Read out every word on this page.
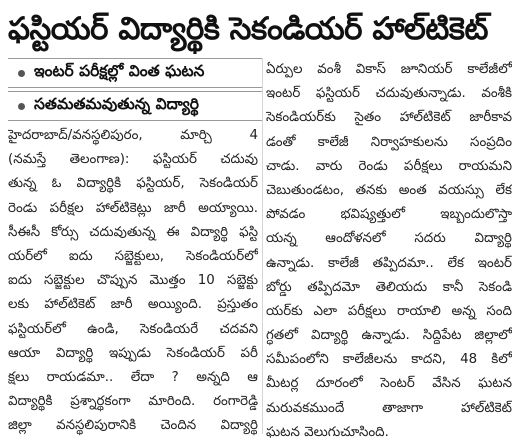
ఫస్టియర్ విద్యార్థికి సెకండియర్ హాల్‌టికెట్
ఇంటర్ పరీక్షల్లో వింత ఘటన
సతమతమవుతున్న విద్యార్థి
హైదరాబాద్/వనస్థలిపురం, మార్చి 4
(నమస్తే తెలంగాణ): ఫస్టియర్ చదువు
తున్న ఓ విద్యార్థికి ఫస్టియర్, సెకండియర్
రెండు పరీక్షల హాల్‌టికెట్లు జారీ అయ్యాయి.
సీఈసీ కోర్సు చదువుతున్న ఈ విద్యార్థి ఫస్టి
యర్‌లో ఐదు సబ్జెక్టులు, సెకండియర్‌లో
ఐదు సబ్జెక్టుల చొప్పున మొత్తం 10 సబ్జెక్టు
లకు హాల్‌టికెట్ జారీ అయ్యింది. ప్రస్తుతం
ఫస్టియర్‌లో ఉండి, సెకండియరే చదవని
ఆయా విద్యార్థి ఇప్పుడు సెకండియర్ పరీ
క్షలు రాయడమా.. లేదా ? అన్నది ఆ
విద్యార్థికి ప్రశ్నార్థకంగా మారింది. రంగారెడ్డి
జిల్లా వనస్థలిపురానికి చెందిన విద్యార్థి
ఏర్పుల వంశీ వికాస్ జూనియర్ కాలేజీలో
ఇంటర్ ఫస్టియర్ చదువుతున్నాడు. వంశీకి
సెకండియర్‌కు సైతం హాల్‌టికెట్ జారీకావ
డంతో కాలేజీ నిర్వాహకులను సంప్రదిం
చాడు. వారు రెండు పరీక్షలు రాయమని
చెబుతుండటం, తనకు అంత వయస్సు లేక
పోవడం భవిష్యత్తులో ఇబ్బందులొస్తా
యన్న ఆందోళనలో సదరు విద్యార్థి
ఉన్నాడు. కాలేజీ తప్పిదమా.. లేక ఇంటర్
బోర్డు తప్పిదమో తెలియదు కానీ సెకండి
యర్‌కు ఎలా పరీక్షలు రాయాలి అన్న సంది
గ్ధతలో విద్యార్థి ఉన్నాడు. సిద్దిపేట జిల్లాలో
సమీపంలోని కాలేజీలను కాదని, 48 కిలో
మీటర్ల దూరంలో సెంటర్ వేసిన ఘటన
మరువకముందే తాజాగా హాల్‌టికెట్
ఘటన వెలుగుచూసింది.
